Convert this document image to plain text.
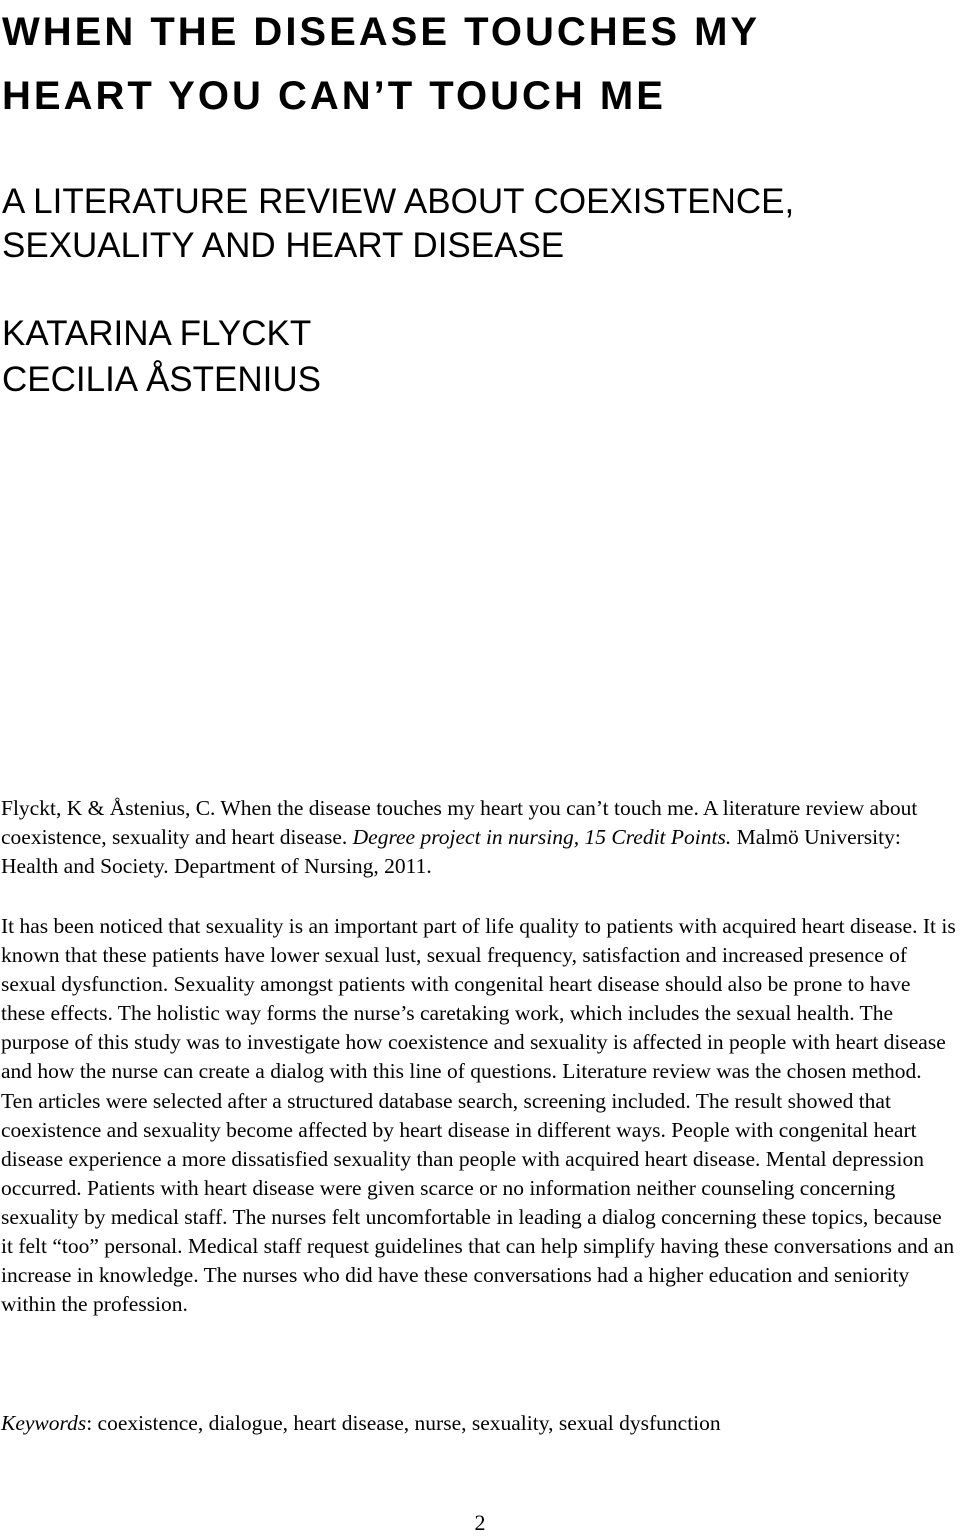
WHEN THE DISEASE TOUCHES MY
HEART YOU CAN’T TOUCH ME
A LITERATURE REVIEW ABOUT COEXISTENCE,
SEXUALITY AND HEART DISEASE
KATARINA FLYCKT
CECILIA ÅSTENIUS

Flyckt, K & Åstenius, C. When the disease touches my heart you can’t touch me. A literature review about coexistence, sexuality and heart disease. Degree project in nursing, 15 Credit Points. Malmö University: Health and Society. Department of Nursing, 2011.

It has been noticed that sexuality is an important part of life quality to patients with acquired heart disease. It is known that these patients have lower sexual lust, sexual frequency, satisfaction and increased presence of sexual dysfunction. Sexuality amongst patients with congenital heart disease should also be prone to have these effects. The holistic way forms the nurse’s caretaking work, which includes the sexual health. The purpose of this study was to investigate how coexistence and sexuality is affected in people with heart disease and how the nurse can create a dialog with this line of questions. Literature review was the chosen method. Ten articles were selected after a structured database search, screening included. The result showed that coexistence and sexuality become affected by heart disease in different ways. People with congenital heart disease experience a more dissatisfied sexuality than people with acquired heart disease. Mental depression occurred. Patients with heart disease were given scarce or no information neither counseling concerning sexuality by medical staff. The nurses felt uncomfortable in leading a dialog concerning these topics, because it felt “too” personal. Medical staff request guidelines that can help simplify having these conversations and an increase in knowledge. The nurses who did have these conversations had a higher education and seniority within the profession.

Keywords: coexistence, dialogue, heart disease, nurse, sexuality, sexual dysfunction

2
